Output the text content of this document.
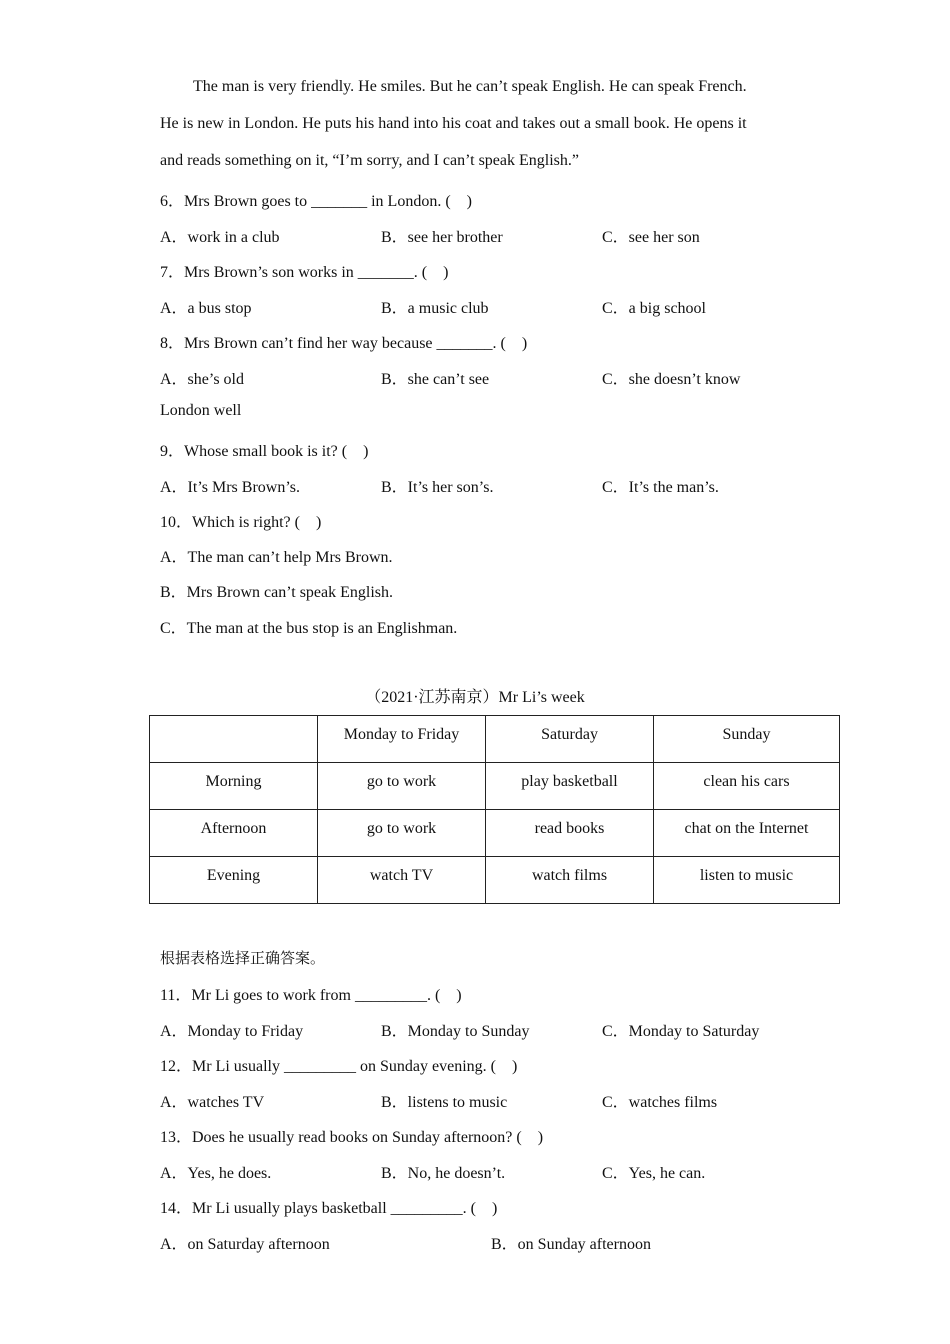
The man is very friendly. He smiles. But he can’t speak English. He can speak French.
He is new in London. He puts his hand into his coat and takes out a small book. He opens it
and reads something on it, “I’m sorry, and I can’t speak English.”
6．Mrs Brown goes to _______ in London. (　)
A．work in a club	B．see her brother	C．see her son
7．Mrs Brown’s son works in _______. (　)
A．a bus stop	B．a music club	C．a big school
8．Mrs Brown can’t find her way because _______. (　)
A．she’s old	B．she can’t see	C．she doesn’t know
London well
9．Whose small book is it? (　)
A．It’s Mrs Brown’s.	B．It’s her son’s.	C．It’s the man’s.
10．Which is right? (　)
A．The man can’t help Mrs Brown.
B．Mrs Brown can’t speak English.
C．The man at the bus stop is an Englishman.
（2021·江苏南京）Mr Li’s week
	Monday to Friday	Saturday	Sunday
Morning	go to work	play basketball	clean his cars
Afternoon	go to work	read books	chat on the Internet
Evening	watch TV	watch films	listen to music
根据表格选择正确答案。
11．Mr Li goes to work from _________. (　)
A．Monday to Friday	B．Monday to Sunday	C．Monday to Saturday
12．Mr Li usually _________ on Sunday evening. (　)
A．watches TV	B．listens to music	C．watches films
13．Does he usually read books on Sunday afternoon? (　)
A．Yes, he does.	B．No, he doesn’t.	C．Yes, he can.
14．Mr Li usually plays basketball _________. (　)
A．on Saturday afternoon	B．on Sunday afternoon
